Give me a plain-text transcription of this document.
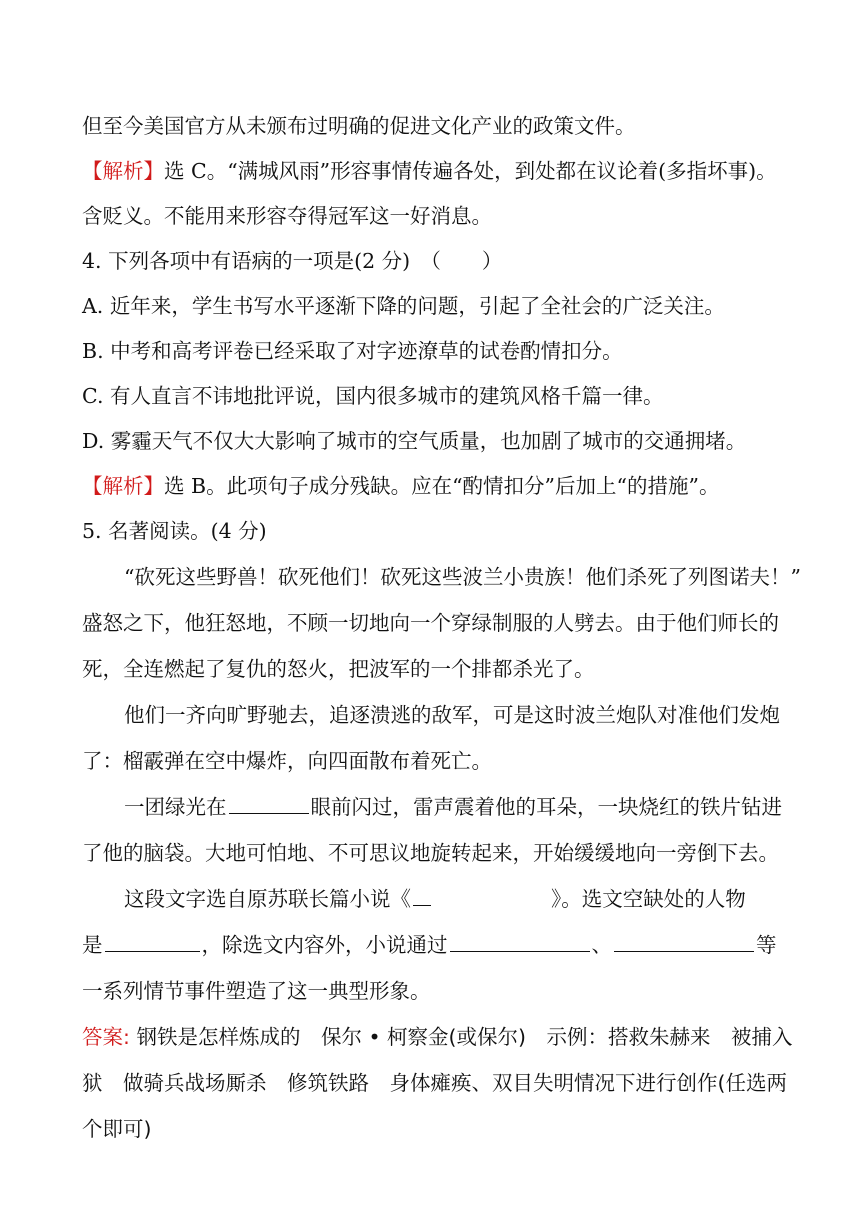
但至今美国官方从未颁布过明确的促进文化产业的政策文件。
【解析】选 C。“满城风雨”形容事情传遍各处，到处都在议论着(多指坏事)。
含贬义。不能用来形容夺得冠军这一好消息。
4. 下列各项中有语病的一项是(2 分)　（　　）
A. 近年来，学生书写水平逐渐下降的问题，引起了全社会的广泛关注。
B. 中考和高考评卷已经采取了对字迹潦草的试卷酌情扣分。
C. 有人直言不讳地批评说，国内很多城市的建筑风格千篇一律。
D. 雾霾天气不仅大大影响了城市的空气质量，也加剧了城市的交通拥堵。
【解析】选 B。此项句子成分残缺。应在“酌情扣分”后加上“的措施”。
5. 名著阅读。(4 分)
“砍死这些野兽！砍死他们！砍死这些波兰小贵族！他们杀死了列图诺夫！”
盛怒之下，他狂怒地，不顾一切地向一个穿绿制服的人劈去。由于他们师长的
死，全连燃起了复仇的怒火，把波军的一个排都杀光了。
他们一齐向旷野驰去，追逐溃逃的敌军，可是这时波兰炮队对准他们发炮
了：榴霰弹在空中爆炸，向四面散布着死亡。
一团绿光在	眼前闪过，雷声震着他的耳朵，一块烧红的铁片钻进
了他的脑袋。大地可怕地、不可思议地旋转起来，开始缓缓地向一旁倒下去。
这段文字选自原苏联长篇小说《	》。选文空缺处的人物
是	，除选文内容外，小说通过	、	等
一系列情节事件塑造了这一典型形象。
答案: 钢铁是怎样炼成的　保尔 • 柯察金(或保尔)　示例：搭救朱赫来　被捕入
狱　做骑兵战场厮杀　修筑铁路　身体瘫痪、双目失明情况下进行创作(任选两
个即可)
